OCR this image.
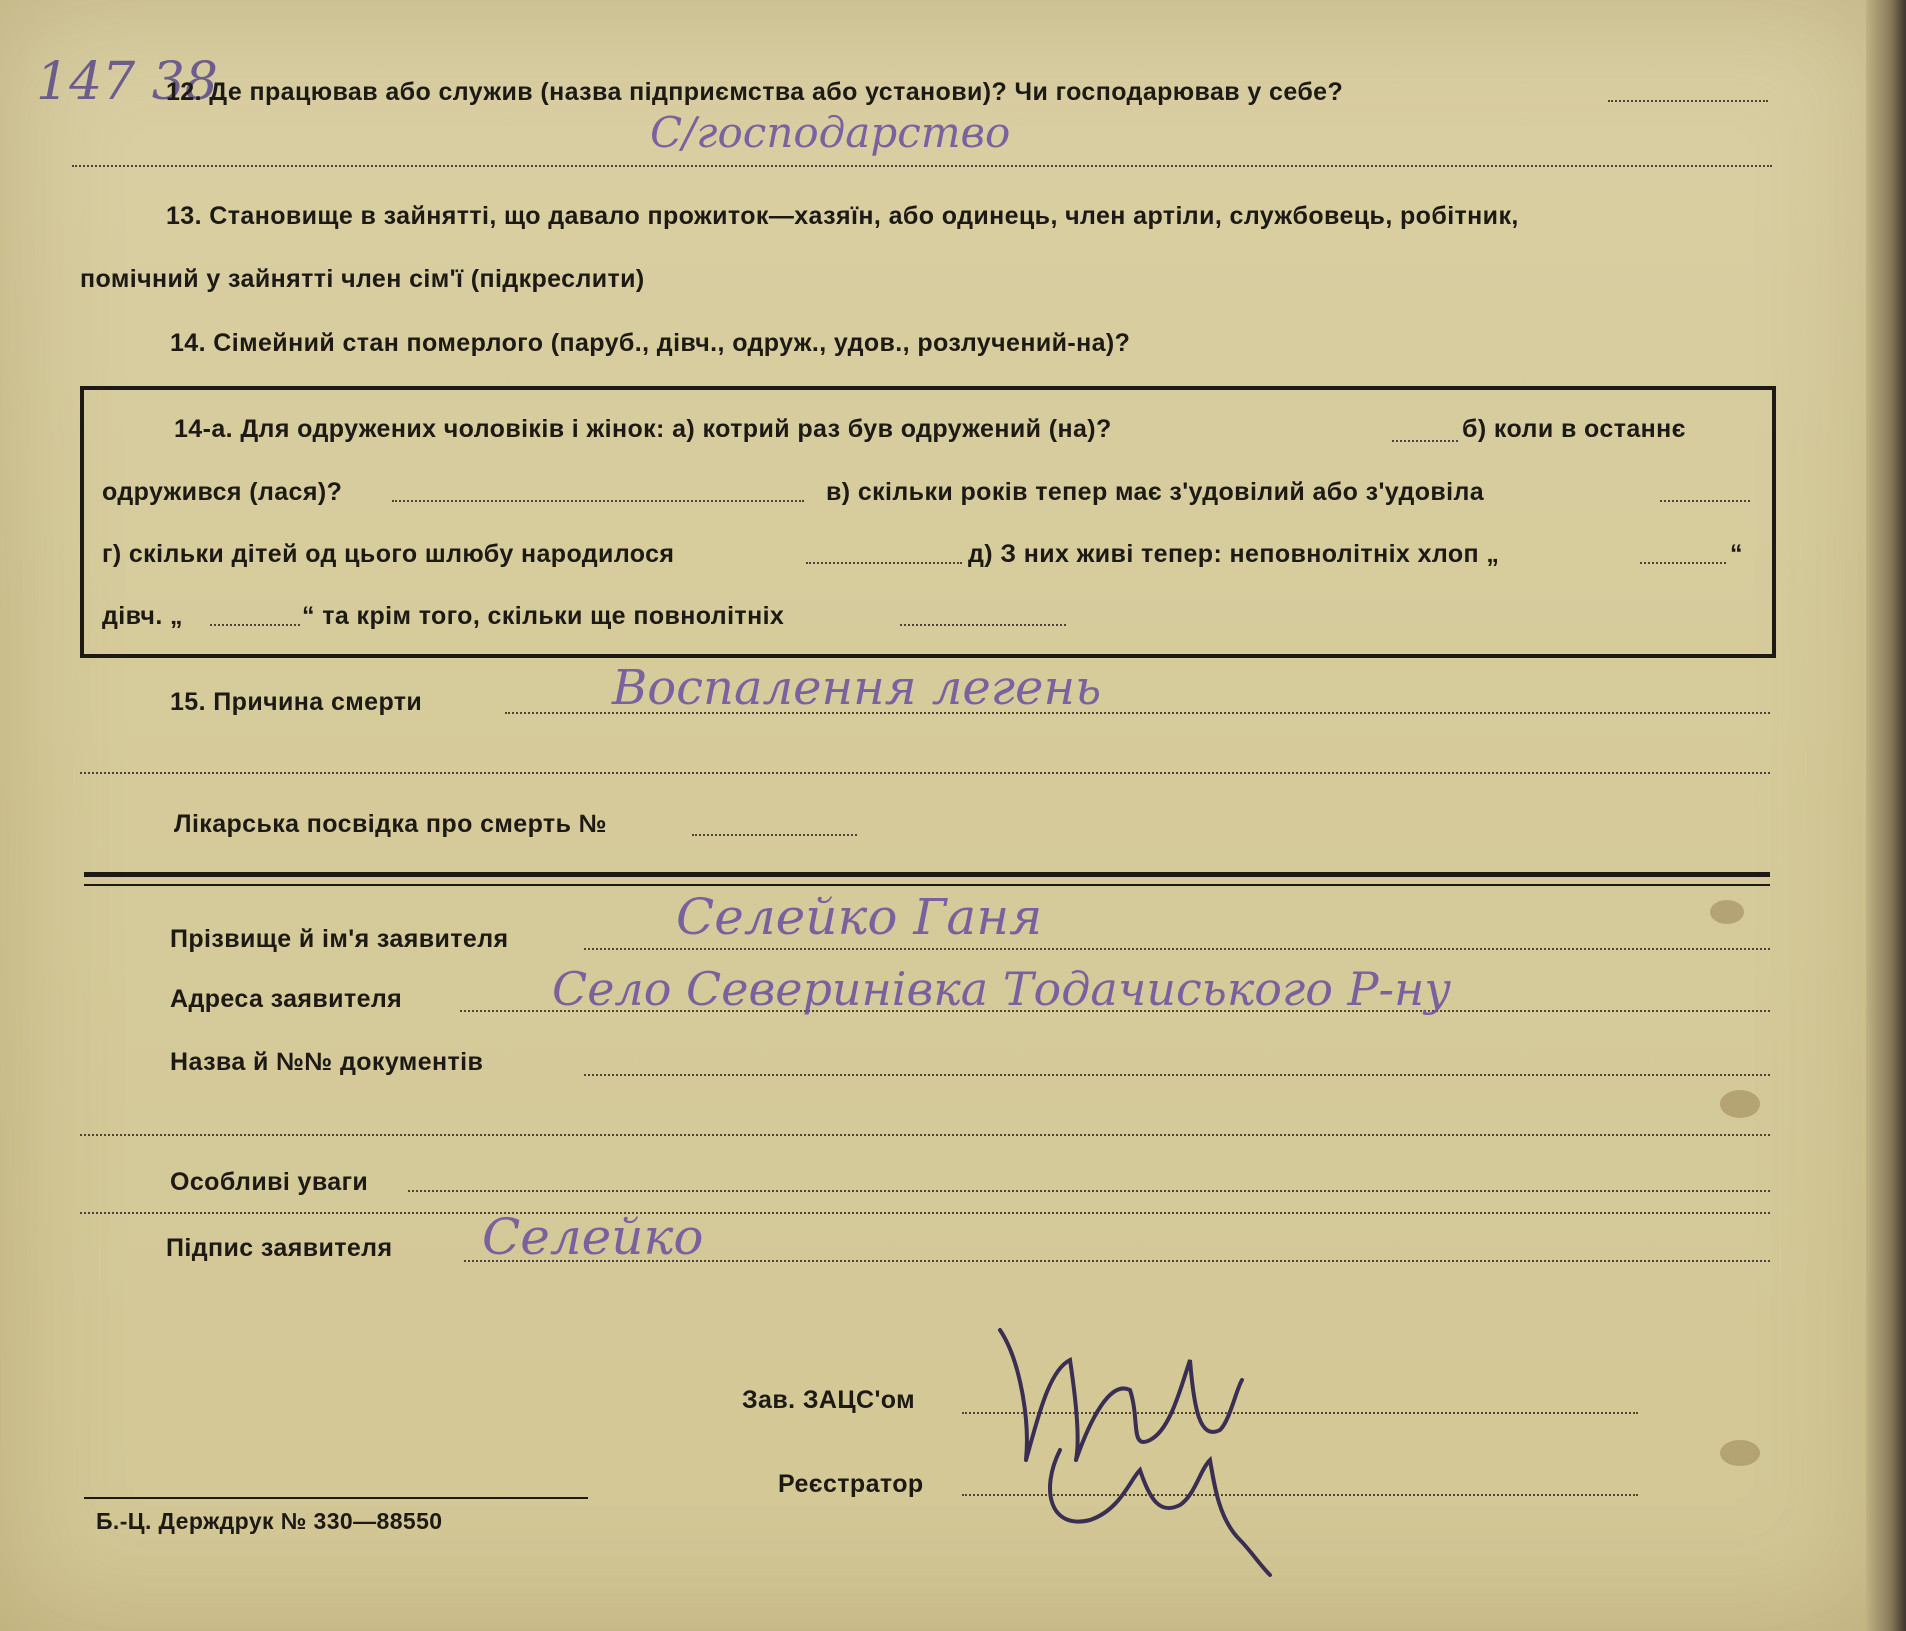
147 38
12. Де працював або служив (назва підприємства або установи)? Чи господарював у себе?
С/господарство
13. Становище в зайнятті, що давало прожиток—хазяїн, або одинець, член артіли, службовець, робітник,
помічний у зайнятті член сім'ї (підкреслити)
14. Сімейний стан померлого (паруб., дівч., одруж., удов., розлучений-на)?
14-а. Для одружених чоловіків і жінок: а) котрий раз був одружений (на)?	б) коли в останнє
одружився (лася)?	в) скільки років тепер має з'удовілий або з'удовіла
г) скільки дітей од цього шлюбу народилося	д) З них живі тепер: неповнолітніх хлоп „	“
дівч. „	“ та крім того, скільки ще повнолітніх
15. Причина смерти	Воспалення легень
Лікарська посвідка про смерть №
Прізвище й ім'я заявителя	Селейко Ганя
Адреса заявителя	Село Северинівка Тодачиського Р-ну
Назва й №№ документів
Особливі уваги
Підпис заявителя Селейко
Зав. ЗАЦС'ом
Реєстратор
Б.-Ц. Держдрук № 330—88550
